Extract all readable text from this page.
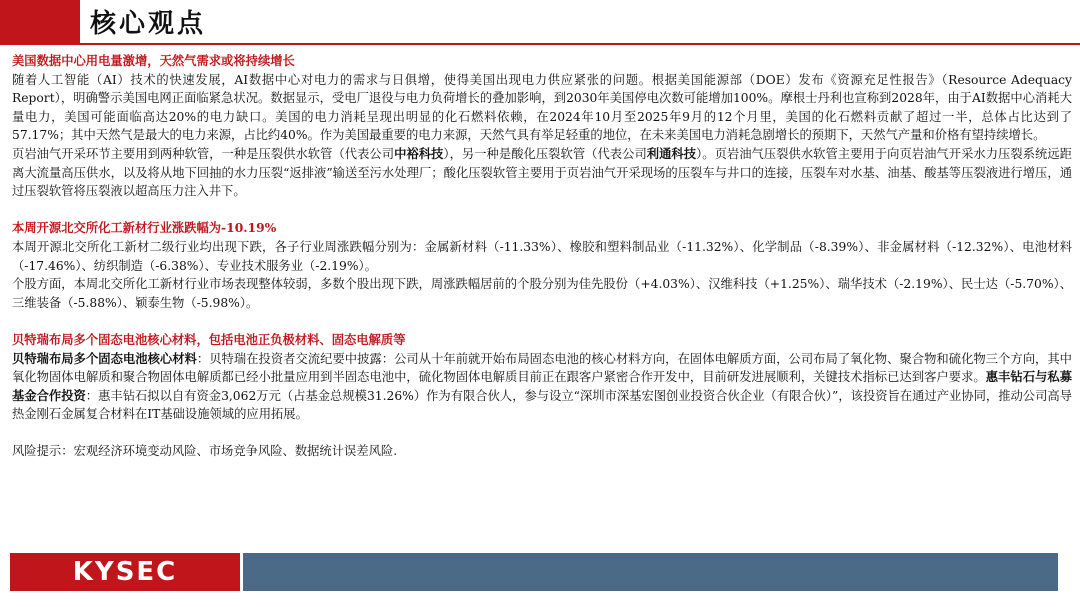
核心观点

美国数据中心用电量激增，天然气需求或将持续增长

随着人工智能（AI）技术的快速发展，AI数据中心对电力的需求与日俱增，使得美国出现电力供应紧张的问题。根据美国能源部（DOE）发布《资源充足性报告》（Resource Adequacy Report），明确警示美国电网正面临紧急状况。数据显示，受电厂退役与电力负荷增长的叠加影响，到2030年美国停电次数可能增加100%。摩根士丹利也宣称到2028年，由于AI数据中心消耗大量电力，美国可能面临高达20%的电力缺口。美国的电力消耗呈现出明显的化石燃料依赖，在2024年10月至2025年9月的12个月里，美国的化石燃料贡献了超过一半，总体占比达到了57.17%；其中天然气是最大的电力来源，占比约40%。作为美国最重要的电力来源，天然气具有举足轻重的地位，在未来美国电力消耗急剧增长的预期下，天然气产量和价格有望持续增长。

页岩油气开采环节主要用到两种软管，一种是压裂供水软管（代表公司中裕科技），另一种是酸化压裂软管（代表公司利通科技）。页岩油气压裂供水软管主要用于向页岩油气开采水力压裂系统远距离大流量高压供水，以及将从地下回抽的水力压裂“返排液”输送至污水处理厂；酸化压裂软管主要用于页岩油气开采现场的压裂车与井口的连接，压裂车对水基、油基、酸基等压裂液进行增压，通过压裂软管将压裂液以超高压力注入井下。

本周开源北交所化工新材行业涨跌幅为-10.19%

本周开源北交所化工新材二级行业均出现下跌，各子行业周涨跌幅分别为：金属新材料（-11.33%）、橡胶和塑料制品业（-11.32%）、化学制品（-8.39%）、非金属材料（-12.32%）、电池材料（-17.46%）、纺织制造（-6.38%）、专业技术服务业（-2.19%）。

个股方面，本周北交所化工新材行业市场表现整体较弱，多数个股出现下跌，周涨跌幅居前的个股分别为佳先股份（+4.03%）、汉维科技（+1.25%）、瑞华技术（-2.19%）、民士达（-5.70%）、三维装备（-5.88%）、颖泰生物（-5.98%）。

贝特瑞布局多个固态电池核心材料，包括电池正负极材料、固态电解质等

贝特瑞布局多个固态电池核心材料：贝特瑞在投资者交流纪要中披露：公司从十年前就开始布局固态电池的核心材料方向，在固体电解质方面，公司布局了氧化物、聚合物和硫化物三个方向，其中氧化物固体电解质和聚合物固体电解质都已经小批量应用到半固态电池中，硫化物固体电解质目前正在跟客户紧密合作开发中，目前研发进展顺利，关键技术指标已达到客户要求。惠丰钻石与私募基金合作投资：惠丰钻石拟以自有资金3,062万元（占基金总规模31.26%）作为有限合伙人，参与设立“深圳市深基宏图创业投资合伙企业（有限合伙）”，该投资旨在通过产业协同，推动公司高导热金刚石金属复合材料在IT基础设施领域的应用拓展。

风险提示：宏观经济环境变动风险、市场竞争风险、数据统计误差风险.

KYSEC
